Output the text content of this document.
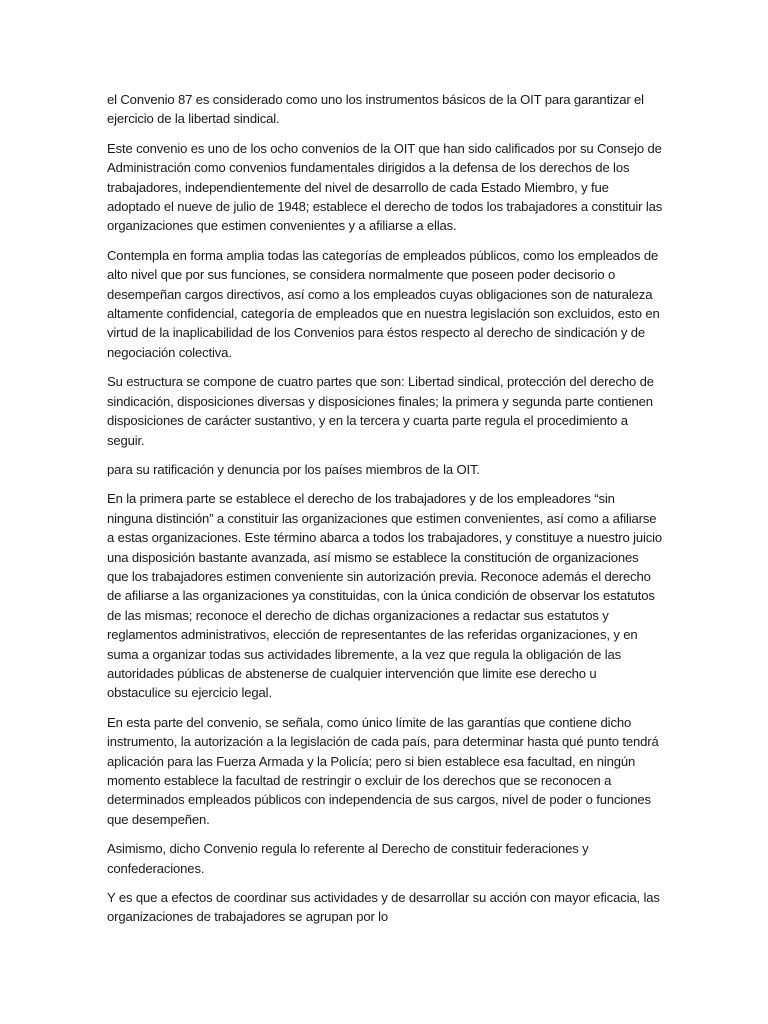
el Convenio 87 es considerado como uno los instrumentos básicos de la OIT para garantizar el ejercicio de la libertad sindical.

Este convenio es uno de los ocho convenios de la OIT que han sido calificados por su Consejo de Administración como convenios fundamentales dirigidos a la defensa de los derechos de los trabajadores, independientemente del nivel de desarrollo de cada Estado Miembro, y fue adoptado el nueve de julio de 1948; establece el derecho de todos los trabajadores a constituir las organizaciones que estimen convenientes y a afiliarse a ellas.

Contempla en forma amplia todas las categorías de empleados públicos, como los empleados de alto nivel que por sus funciones, se considera normalmente que poseen poder decisorio o desempeñan cargos directivos, así como a los empleados cuyas obligaciones son de naturaleza altamente confidencial, categoría de empleados que en nuestra legislación son excluidos, esto en virtud de la inaplicabilidad de los Convenios para éstos respecto al derecho de sindicación y de negociación colectiva.

Su estructura se compone de cuatro partes que son: Libertad sindical, protección del derecho de sindicación, disposiciones diversas y disposiciones finales; la primera y segunda parte contienen disposiciones de carácter sustantivo, y en la tercera y cuarta parte regula el procedimiento a seguir.

para su ratificación y denuncia por los países miembros de la OIT.

En la primera parte se establece el derecho de los trabajadores y de los empleadores “sin ninguna distinción” a constituir las organizaciones que estimen convenientes, así como a afiliarse a estas organizaciones. Este término abarca a todos los trabajadores, y constituye a nuestro juicio una disposición bastante avanzada, así mismo se establece la constitución de organizaciones que los trabajadores estimen conveniente sin autorización previa. Reconoce además el derecho de afiliarse a las organizaciones ya constituidas, con la única condición de observar los estatutos de las mismas; reconoce el derecho de dichas organizaciones a redactar sus estatutos y reglamentos administrativos, elección de representantes de las referidas organizaciones, y en suma a organizar todas sus actividades libremente, a la vez que regula la obligación de las autoridades públicas de abstenerse de cualquier intervención que limite ese derecho u obstaculice su ejercicio legal.

En esta parte del convenio, se señala, como único límite de las garantías que contiene dicho instrumento, la autorización a la legislación de cada país, para determinar hasta qué punto tendrá aplicación para las Fuerza Armada y la Policía; pero si bien establece esa facultad, en ningún momento establece la facultad de restringir o excluir de los derechos que se reconocen a determinados empleados públicos con independencia de sus cargos, nivel de poder o funciones que desempeñen.

Asimismo, dicho Convenio regula lo referente al Derecho de constituir federaciones y confederaciones.

Y es que a efectos de coordinar sus actividades y de desarrollar su acción con mayor eficacia, las organizaciones de trabajadores se agrupan por lo
